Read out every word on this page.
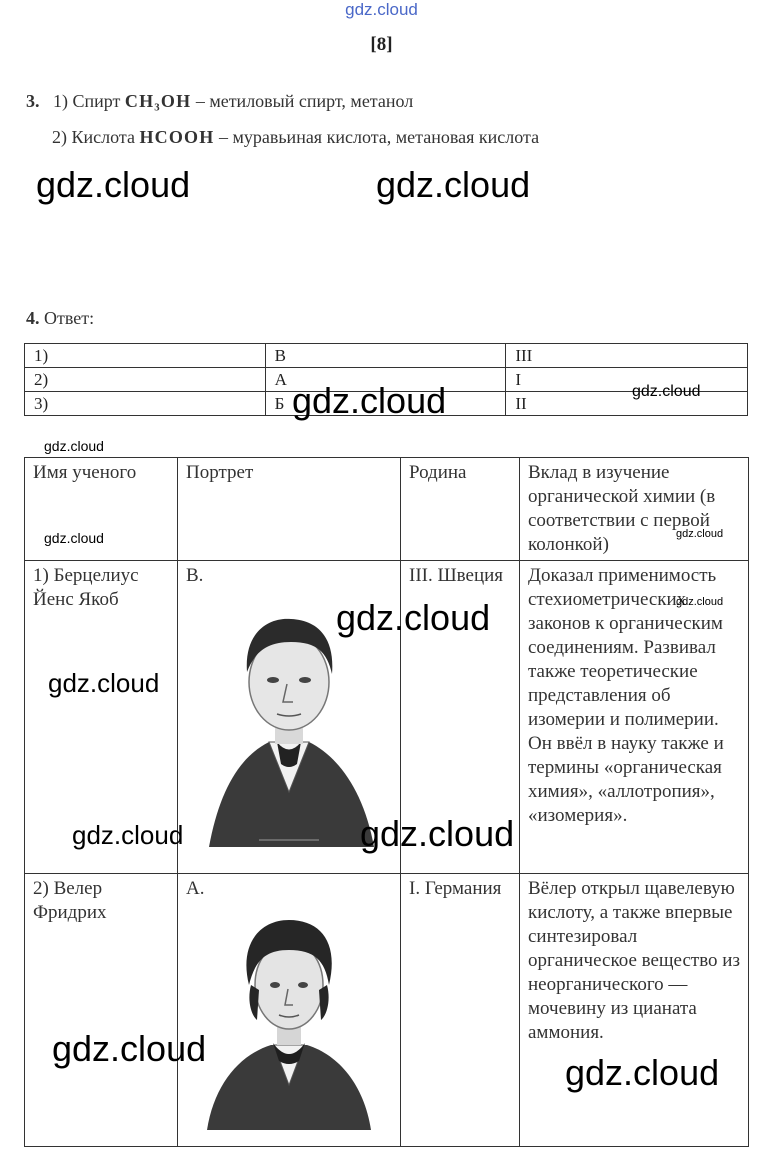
gdz.cloud
[8]
3. 1) Спирт CH₃OH – метиловый спирт, метанол
2) Кислота HCOOH – муравьиная кислота, метановая кислота
4. Ответ:
1)	В	III
2)	А	I
3)	Б	II
Имя ученого	Портрет	Родина	Вклад в изучение органической химии (в соответствии с первой колонкой)
1) Берцелиус Йенс Якоб	В.	III. Швеция	Доказал применимость стехиометрических законов к органическим соединениям. Развивал также теоретические представления об изомерии и полимерии. Он ввёл в науку также и термины «органическая химия», «аллотропия», «изомерия».
2) Велер Фридрих	А.	I. Германия	Вёлер открыл щавелевую кислоту, а также впервые синтезировал органическое вещество из неорганического — мочевину из цианата аммония.
gdz.cloud	gdz.cloud
gdz.cloud	gdz.cloud
gdz.cloud
gdz.cloud	gdz.cloud
gdz.cloud
gdz.cloud
gdz.cloud
gdz.cloud	gdz.cloud
gdz.cloud
gdz.cloud
